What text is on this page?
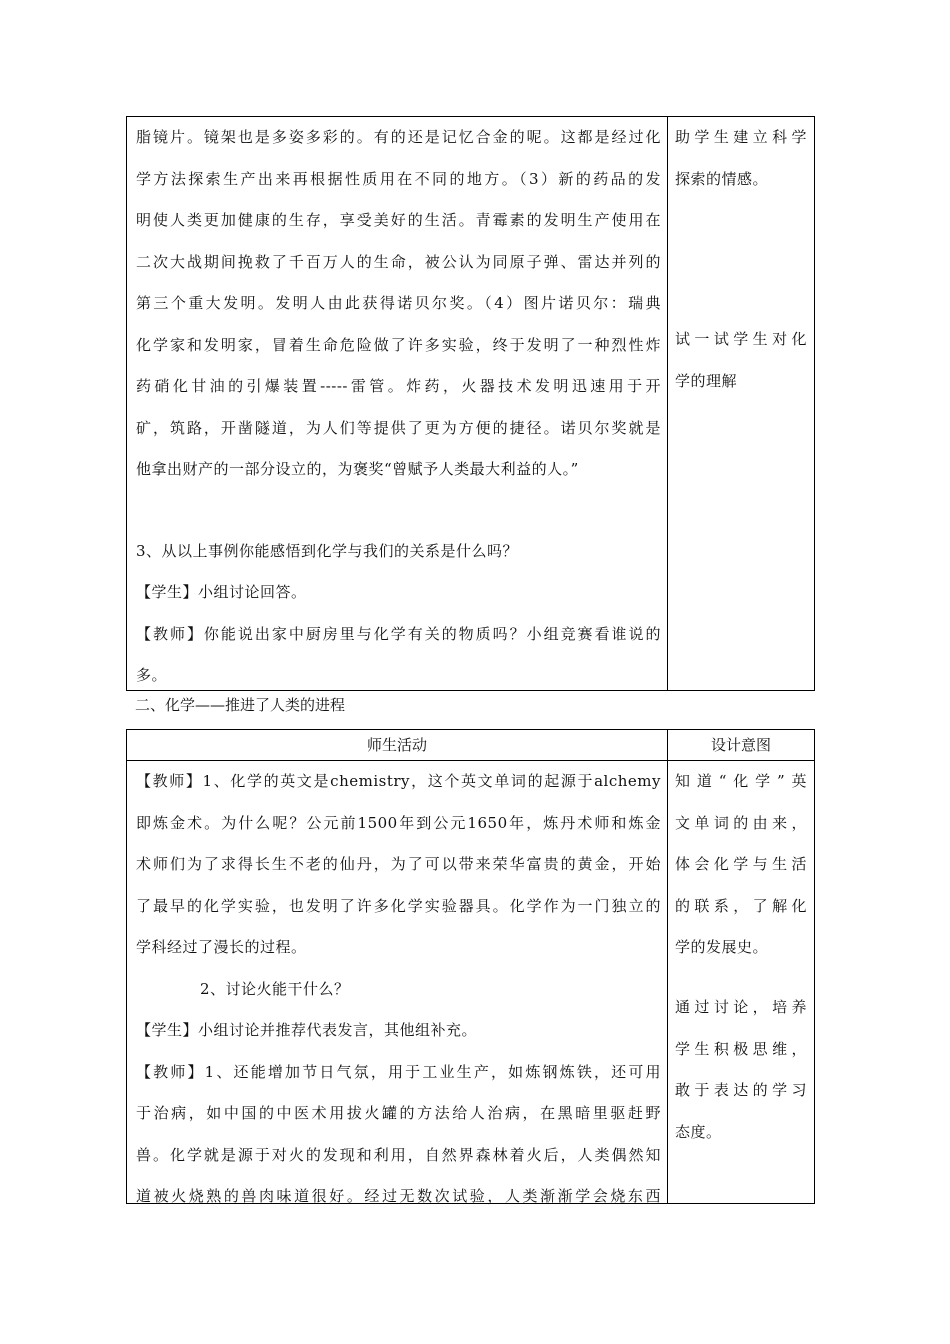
脂镜片。镜架也是多姿多彩的。有的还是记忆合金的呢。这都是经过化
学方法探索生产出来再根据性质用在不同的地方。（3）新的药品的发
明使人类更加健康的生存，享受美好的生活。青霉素的发明生产使用在
二次大战期间挽救了千百万人的生命，被公认为同原子弹、雷达并列的
第三个重大发明。发明人由此获得诺贝尔奖。（4）图片诺贝尔：瑞典
化学家和发明家，冒着生命危险做了许多实验，终于发明了一种烈性炸
药硝化甘油的引爆装置-----雷管。炸药，火器技术发明迅速用于开
矿，筑路，开凿隧道，为人们等提供了更为方便的捷径。诺贝尔奖就是
他拿出财产的一部分设立的，为褒奖“曾赋予人类最大利益的人。”
3、从以上事例你能感悟到化学与我们的关系是什么吗？
【学生】小组讨论回答。
【教师】你能说出家中厨房里与化学有关的物质吗？小组竞赛看谁说的
多。
助学生建立科学
探索的情感。
试一试学生对化
学的理解
二、化学——推进了人类的进程
师生活动	设计意图
【教师】1、化学的英文是chemistry，这个英文单词的起源于alchemy
即炼金术。为什么呢？公元前1500年到公元1650年，炼丹术师和炼金
术师们为了求得长生不老的仙丹，为了可以带来荣华富贵的黄金，开始
了最早的化学实验，也发明了许多化学实验器具。化学作为一门独立的
学科经过了漫长的过程。
2、讨论火能干什么？
【学生】小组讨论并推荐代表发言，其他组补充。
【教师】1、还能增加节日气氛，用于工业生产，如炼钢炼铁，还可用
于治病，如中国的中医术用拔火罐的方法给人治病，在黑暗里驱赶野
兽。化学就是源于对火的发现和利用，自然界森林着火后，人类偶然知
道被火烧熟的兽肉味道很好。经过无数次试验，人类渐渐学会烧东西
知道“化学”英
文单词的由来，
体会化学与生活
的联系，了解化
学的发展史。
通过讨论，培养
学生积极思维，
敢于表达的学习
态度。
